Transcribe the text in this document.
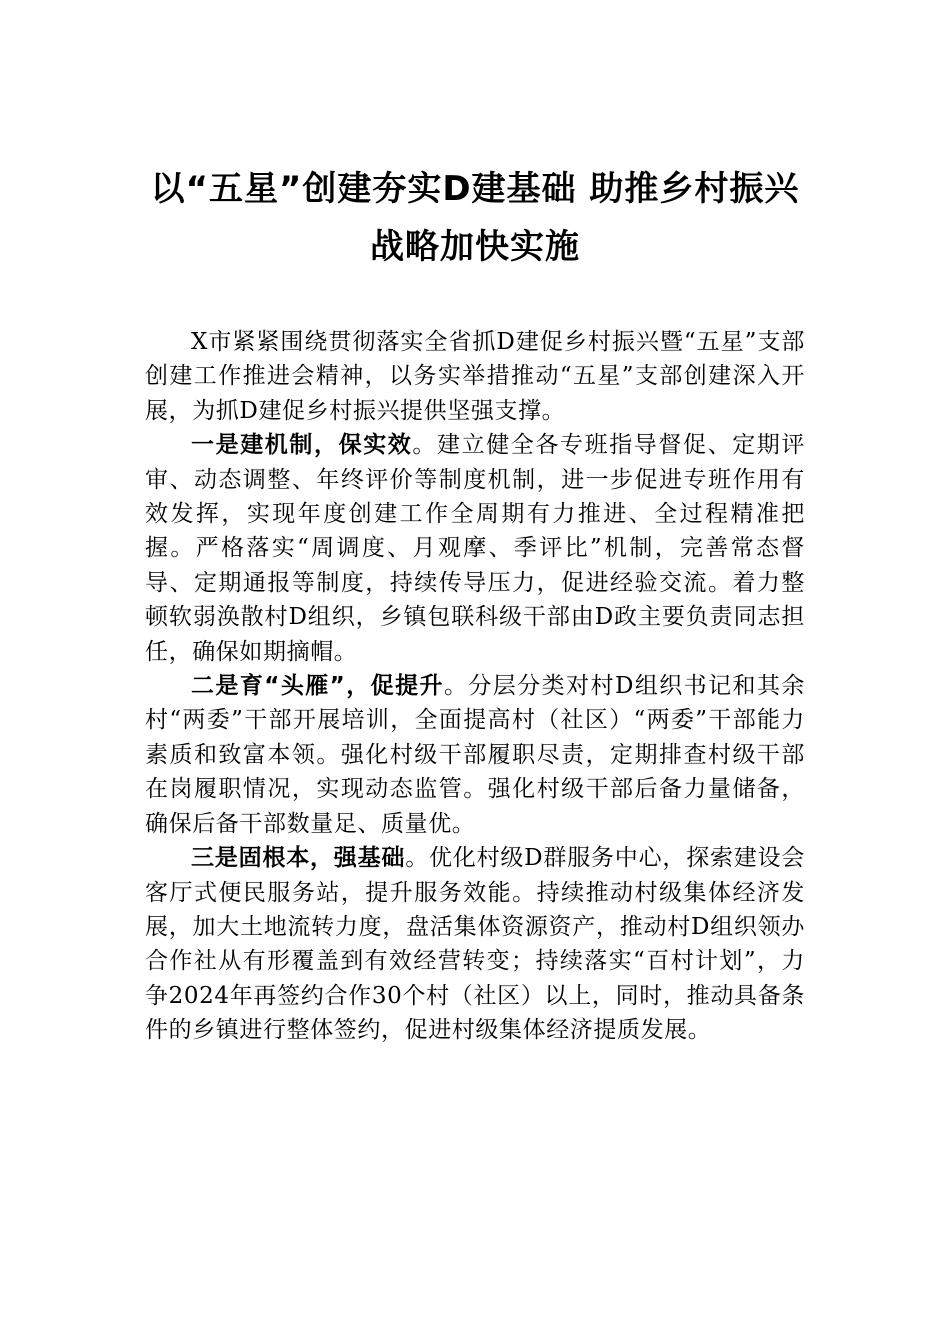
以“五星”创建夯实D建基础 助推乡村振兴战略加快实施

X市紧紧围绕贯彻落实全省抓D建促乡村振兴暨“五星”支部创建工作推进会精神，以务实举措推动“五星”支部创建深入开展，为抓D建促乡村振兴提供坚强支撑。

一是建机制，保实效。建立健全各专班指导督促、定期评审、动态调整、年终评价等制度机制，进一步促进专班作用有效发挥，实现年度创建工作全周期有力推进、全过程精准把握。严格落实“周调度、月观摩、季评比”机制，完善常态督导、定期通报等制度，持续传导压力，促进经验交流。着力整顿软弱涣散村D组织，乡镇包联科级干部由D政主要负责同志担任，确保如期摘帽。

二是育“头雁”，促提升。分层分类对村D组织书记和其余村“两委”干部开展培训，全面提高村（社区）“两委”干部能力素质和致富本领。强化村级干部履职尽责，定期排查村级干部在岗履职情况，实现动态监管。强化村级干部后备力量储备，确保后备干部数量足、质量优。

三是固根本，强基础。优化村级D群服务中心，探索建设会客厅式便民服务站，提升服务效能。持续推动村级集体经济发展，加大土地流转力度，盘活集体资源资产，推动村D组织领办合作社从有形覆盖到有效经营转变；持续落实“百村计划”，力争2024年再签约合作30个村（社区）以上，同时，推动具备条件的乡镇进行整体签约，促进村级集体经济提质发展。
